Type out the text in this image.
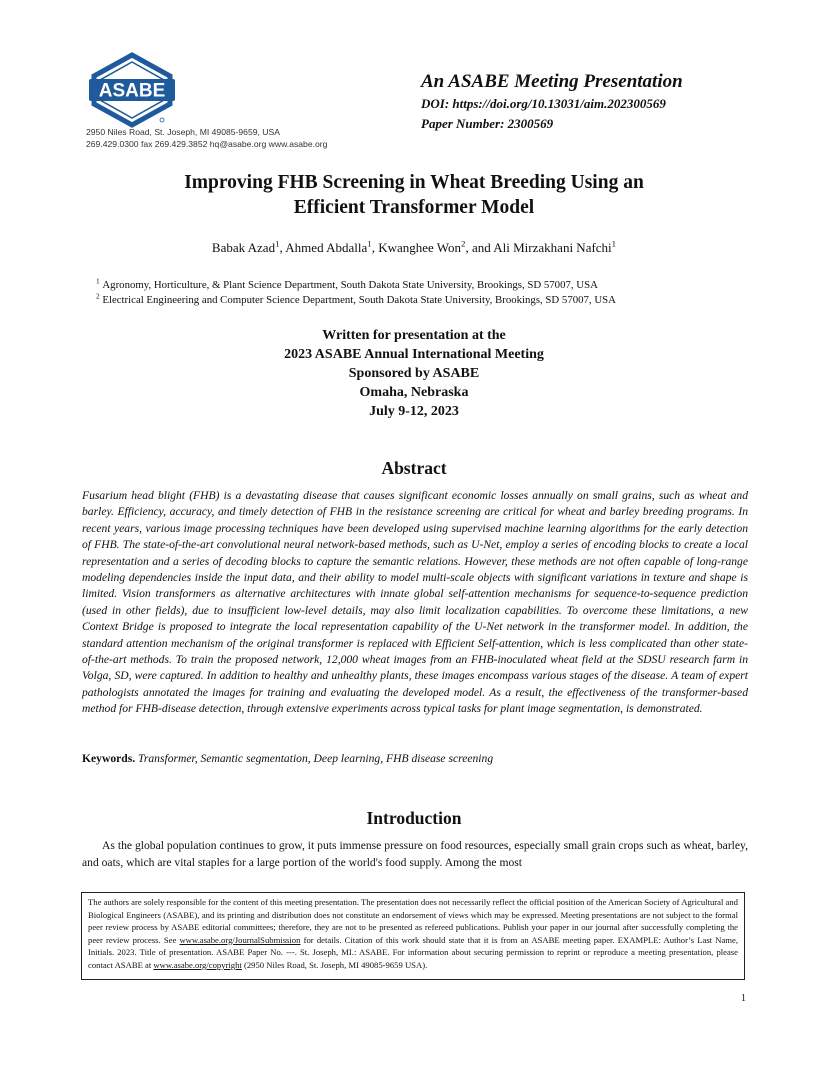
ASABE
2950 Niles Road, St. Joseph, MI 49085-9659, USA
269.429.0300 fax 269.429.3852 hq@asabe.org www.asabe.org
An ASABE Meeting Presentation
DOI: https://doi.org/10.13031/aim.202300569
Paper Number: 2300569
Improving FHB Screening in Wheat Breeding Using an
Efficient Transformer Model
Babak Azad$^1$, Ahmed Abdalla$^1$, Kwanghee Won$^2$, and Ali Mirzakhani Nafchi$^1$
$^1$ Agronomy, Horticulture, & Plant Science Department, South Dakota State University, Brookings, SD 57007, USA
$^2$ Electrical Engineering and Computer Science Department, South Dakota State University, Brookings, SD 57007, USA
Written for presentation at the
2023 ASABE Annual International Meeting
Sponsored by ASABE
Omaha, Nebraska
July 9-12, 2023
Abstract

Fusarium head blight (FHB) is a devastating disease that causes significant economic losses annually on small grains, such as wheat and barley. Efficiency, accuracy, and timely detection of FHB in the resistance screening are critical for wheat and barley breeding programs. In recent years, various image processing techniques have been developed using supervised machine learning algorithms for the early detection of FHB. The state-of-the-art convolutional neural network-based methods, such as U-Net, employ a series of encoding blocks to create a local representation and a series of decoding blocks to capture the semantic relations. However, these methods are not often capable of long-range modeling dependencies inside the input data, and their ability to model multi-scale objects with significant variations in texture and shape is limited. Vision transformers as alternative architectures with innate global self-attention mechanisms for sequence-to-sequence prediction (used in other fields), due to insufficient low-level details, may also limit localization capabilities. To overcome these limitations, a new Context Bridge is proposed to integrate the local representation capability of the U-Net network in the transformer model. In addition, the standard attention mechanism of the original transformer is replaced with Efficient Self-attention, which is less complicated than other state-of-the-art methods. To train the proposed network, 12,000 wheat images from an FHB-inoculated wheat field at the SDSU research farm in Volga, SD, were captured. In addition to healthy and unhealthy plants, these images encompass various stages of the disease. A team of expert pathologists annotated the images for training and evaluating the developed model. As a result, the effectiveness of the transformer-based method for FHB-disease detection, through extensive experiments across typical tasks for plant image segmentation, is demonstrated.

Keywords. Transformer, Semantic segmentation, Deep learning, FHB disease screening
Introduction

As the global population continues to grow, it puts immense pressure on food resources, especially small grain crops such as wheat, barley, and oats, which are vital staples for a large portion of the world's food supply. Among the most

The authors are solely responsible for the content of this meeting presentation. The presentation does not necessarily reflect the official position of the American Society of Agricultural and Biological Engineers (ASABE), and its printing and distribution does not constitute an endorsement of views which may be expressed. Meeting presentations are not subject to the formal peer review process by ASABE editorial committees; therefore, they are not to be presented as refereed publications. Publish your paper in our journal after successfully completing the peer review process. See www.asabe.org/JournalSubmission for details. Citation of this work should state that it is from an ASABE meeting paper. EXAMPLE: Author’s Last Name, Initials. 2023. Title of presentation. ASABE Paper No. ---. St. Joseph, MI.: ASABE. For information about securing permission to reprint or reproduce a meeting presentation, please contact ASABE at www.asabe.org/copyright (2950 Niles Road, St. Joseph, MI 49085-9659 USA).
1
